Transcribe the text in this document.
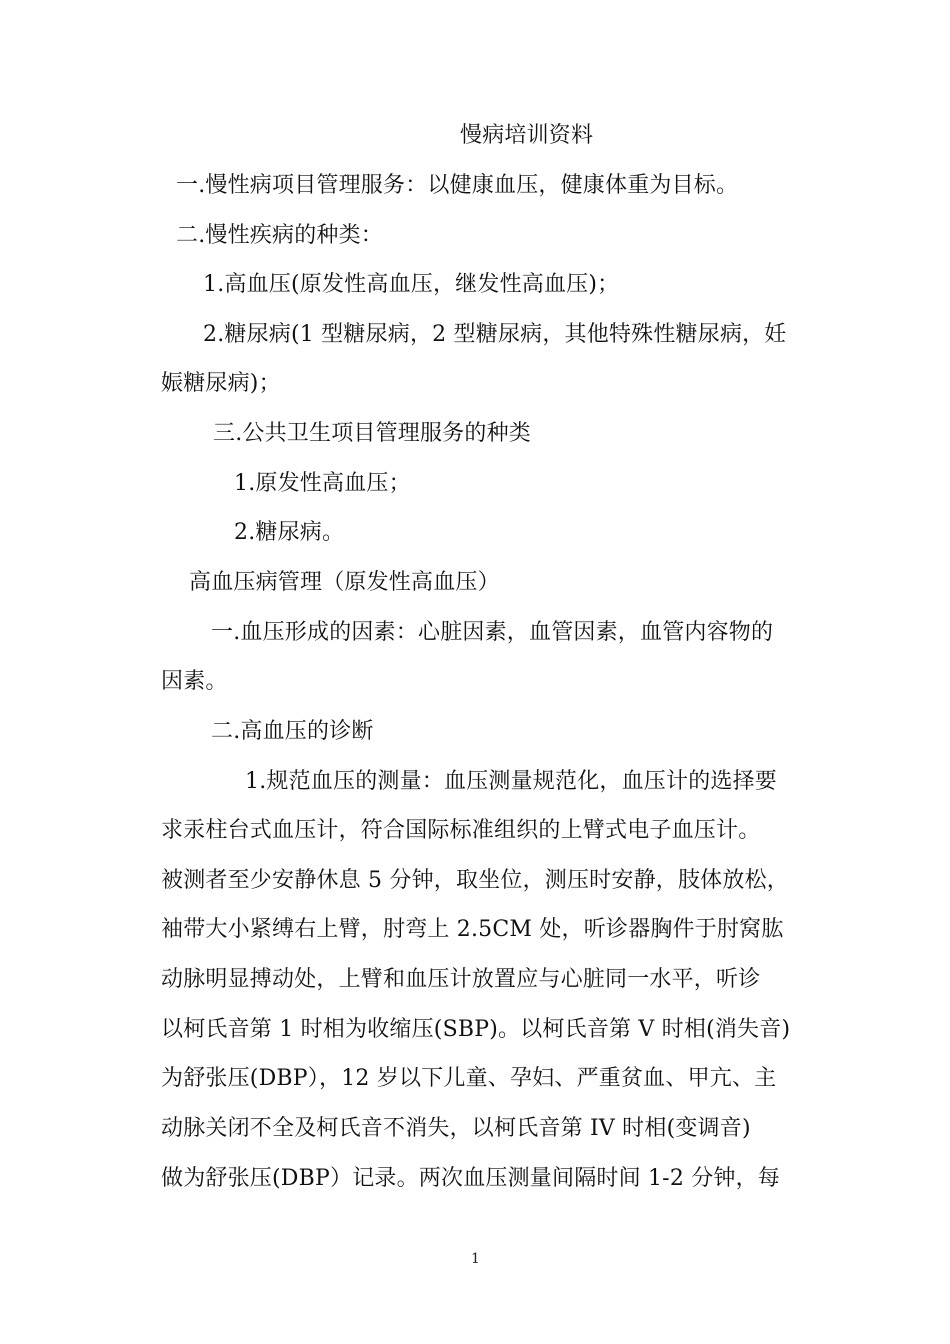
慢病培训资料
一.慢性病项目管理服务：以健康血压，健康体重为目标。
二.慢性疾病的种类：
1.高血压(原发性高血压，继发性高血压)；
2.糖尿病(1 型糖尿病，2 型糖尿病，其他特殊性糖尿病，妊
娠糖尿病)；
三.公共卫生项目管理服务的种类
1.原发性高血压；
2.糖尿病。
高血压病管理（原发性高血压）
一.血压形成的因素：心脏因素，血管因素，血管内容物的
因素。
二.高血压的诊断
1.规范血压的测量：血压测量规范化，血压计的选择要
求汞柱台式血压计，符合国际标准组织的上臂式电子血压计。
被测者至少安静休息 5 分钟，取坐位，测压时安静，肢体放松，
袖带大小紧缚右上臂，肘弯上 2.5CM 处，听诊器胸件于肘窝肱
动脉明显搏动处，上臂和血压计放置应与心脏同一水平，听诊
以柯氏音第 1 时相为收缩压(SBP)。以柯氏音第 V 时相(消失音)
为舒张压(DBP），12 岁以下儿童、孕妇、严重贫血、甲亢、主
动脉关闭不全及柯氏音不消失，以柯氏音第 IV 时相(变调音)
做为舒张压(DBP）记录。两次血压测量间隔时间 1-2 分钟，每
1
